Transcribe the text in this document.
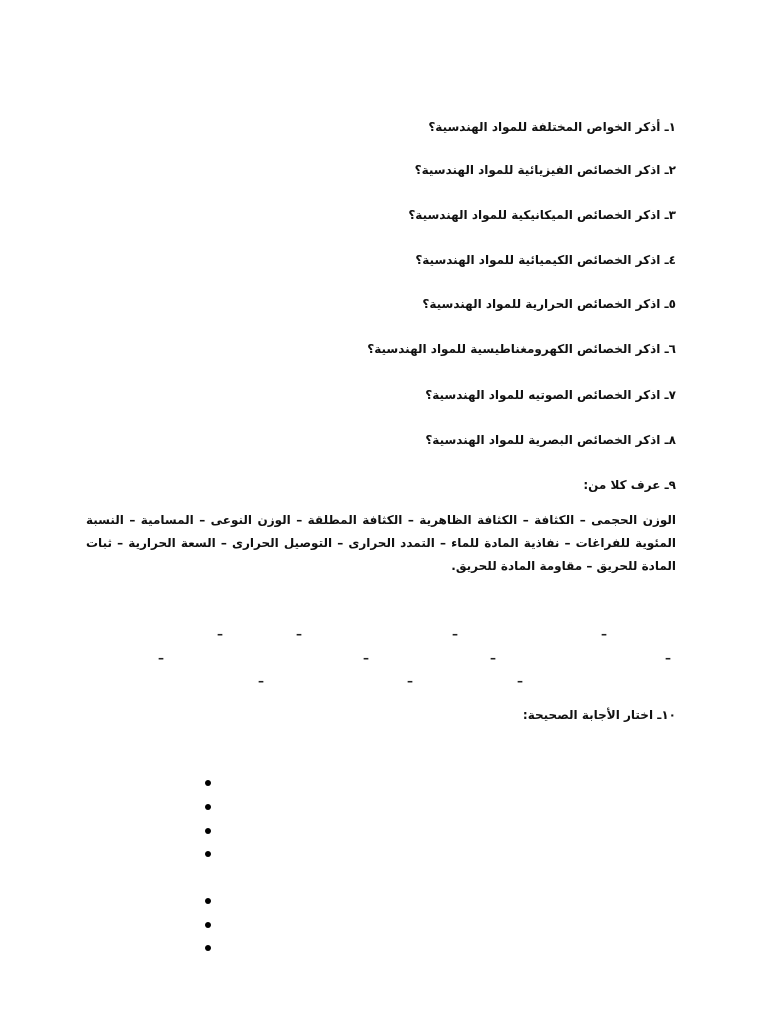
١ـ أذكر الخواص المختلفة للمواد الهندسية؟
٢ـ اذكر الخصائص الفيزيائية للمواد الهندسية؟
٣ـ اذكر الخصائص الميكانيكية للمواد الهندسية؟
٤ـ اذكر الخصائص الكيميائية للمواد الهندسية؟
٥ـ اذكر الخصائص الحرارية للمواد الهندسية؟
٦ـ اذكر الخصائص الكهرومغناطيسية للمواد الهندسية؟
٧ـ اذكر الخصائص الصوتيه للمواد الهندسية؟
٨ـ اذكر الخصائص البصرية للمواد الهندسية؟
٩ـ عرف كلا من:
الوزن الحجمى – الكثافة – الكثافة الظاهرية – الكثافة المطلقة – الوزن النوعى – المسامية – النسبة المئوية للفراغات – نفاذية المادة للماء – التمدد الحرارى – التوصيل الحرارى – السعة الحرارية – ثبات المادة للحريق – مقاومة المادة للحريق.
–	–	–	–
–	–	–	–
–	–	–
١٠ـ اختار الأجابة الصحيحة:
